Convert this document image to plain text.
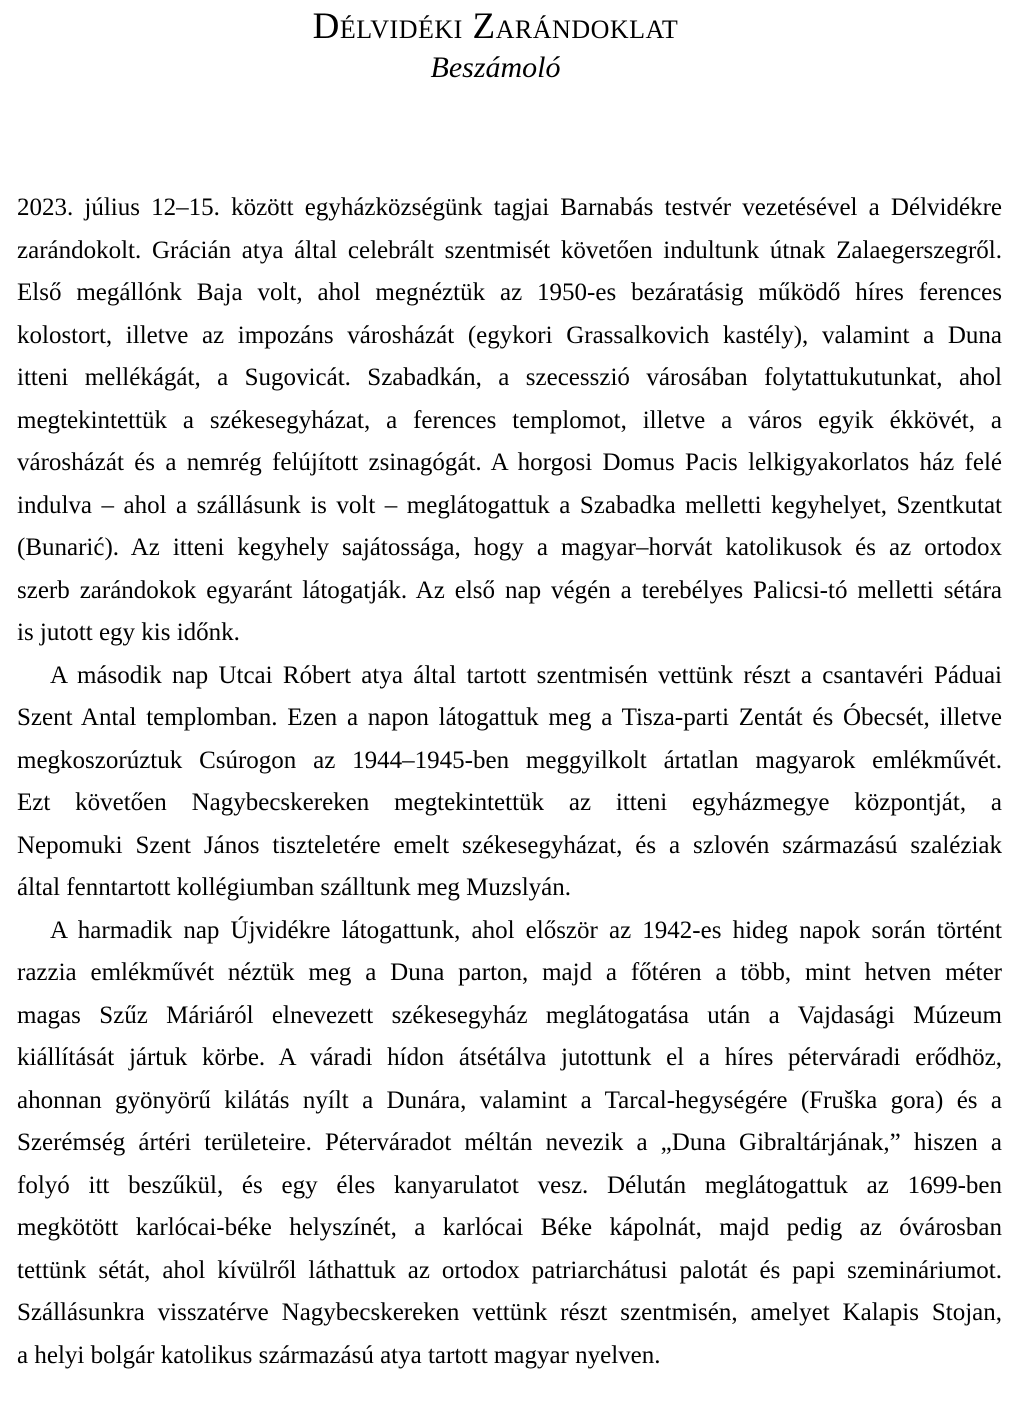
Délvidéki Zarándoklat
Beszámoló
2023. július 12–15. között egyházközségünk tagjai Barnabás testvér vezetésével a Délvidékre
zarándokolt. Grácián atya által celebrált szentmisét követően indultunk útnak Zalaegerszegről.
Első megállónk Baja volt, ahol megnéztük az 1950-es bezáratásig működő híres ferences
kolostort, illetve az impozáns városházát (egykori Grassalkovich kastély), valamint a Duna
itteni mellékágát, a Sugovicát. Szabadkán, a szecesszió városában folytattukutunkat, ahol
megtekintettük a székesegyházat, a ferences templomot, illetve a város egyik ékkövét, a
városházát és a nemrég felújított zsinagógát. A horgosi Domus Pacis lelkigyakorlatos ház felé
indulva – ahol a szállásunk is volt – meglátogattuk a Szabadka melletti kegyhelyet, Szentkutat
(Bunarić). Az itteni kegyhely sajátossága, hogy a magyar–horvát katolikusok és az ortodox
szerb zarándokok egyaránt látogatják. Az első nap végén a terebélyes Palicsi-tó melletti sétára
is jutott egy kis időnk.
A második nap Utcai Róbert atya által tartott szentmisén vettünk részt a csantavéri Páduai
Szent Antal templomban. Ezen a napon látogattuk meg a Tisza-parti Zentát és Óbecsét, illetve
megkoszorúztuk Csúrogon az 1944–1945-ben meggyilkolt ártatlan magyarok emlékművét.
Ezt követően Nagybecskereken megtekintettük az itteni egyházmegye központját, a
Nepomuki Szent János tiszteletére emelt székesegyházat, és a szlovén származású szaléziak
által fenntartott kollégiumban szálltunk meg Muzslyán.
A harmadik nap Újvidékre látogattunk, ahol először az 1942-es hideg napok során történt
razzia emlékművét néztük meg a Duna parton, majd a főtéren a több, mint hetven méter
magas Szűz Máriáról elnevezett székesegyház meglátogatása után a Vajdasági Múzeum
kiállítását jártuk körbe. A váradi hídon átsétálva jutottunk el a híres péterváradi erődhöz,
ahonnan gyönyörű kilátás nyílt a Dunára, valamint a Tarcal-hegységére (Fruška gora) és a
Szerémség ártéri területeire. Péterváradot méltán nevezik a „Duna Gibraltárjának,” hiszen a
folyó itt beszűkül, és egy éles kanyarulatot vesz. Délután meglátogattuk az 1699-ben
megkötött karlócai-béke helyszínét, a karlócai Béke kápolnát, majd pedig az óvárosban
tettünk sétát, ahol kívülről láthattuk az ortodox patriarchátusi palotát és papi szemináriumot.
Szállásunkra visszatérve Nagybecskereken vettünk részt szentmisén, amelyet Kalapis Stojan,
a helyi bolgár katolikus származású atya tartott magyar nyelven.
